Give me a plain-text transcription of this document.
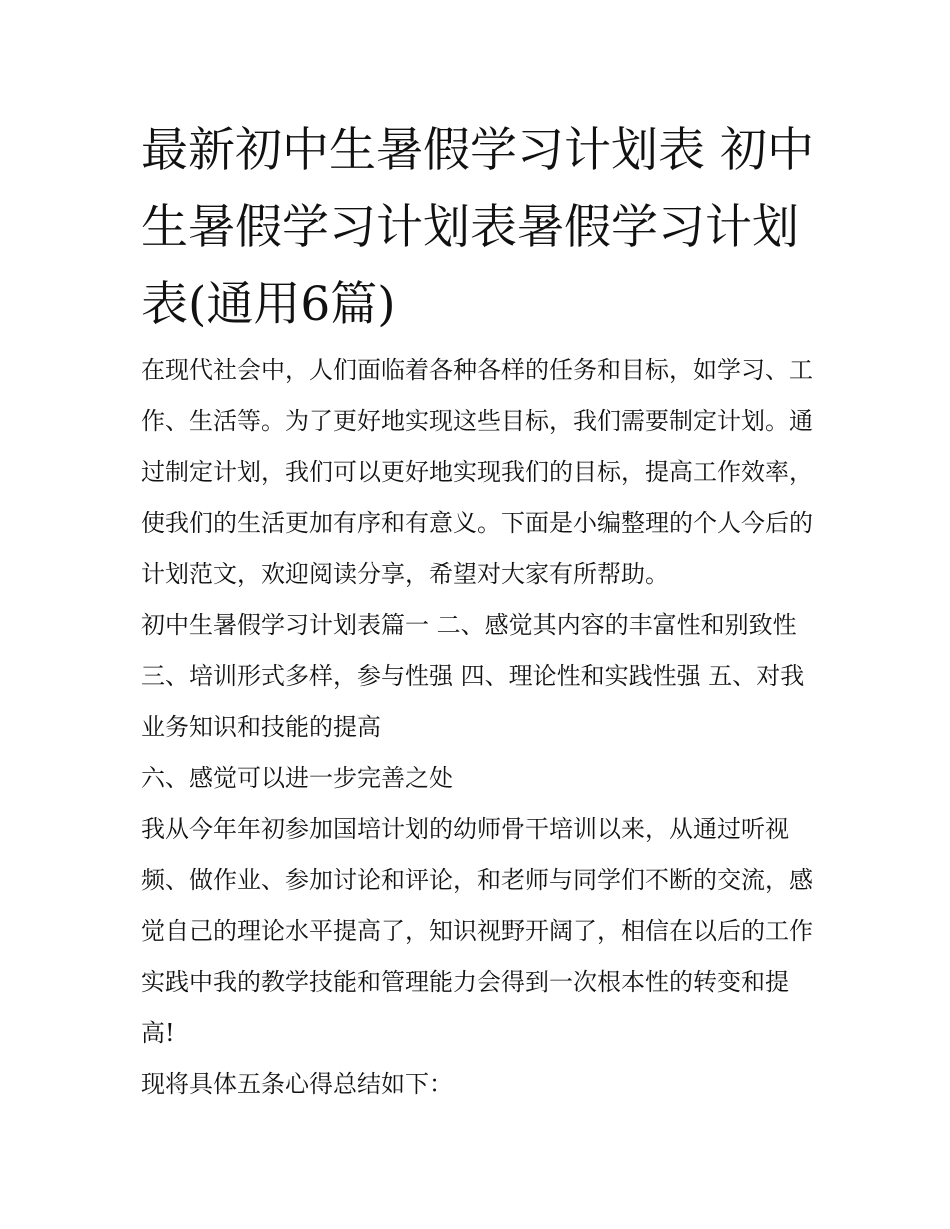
最新初中生暑假学习计划表 初中生暑假学习计划表暑假学习计划表(通用6篇)

在现代社会中，人们面临着各种各样的任务和目标，如学习、工作、生活等。为了更好地实现这些目标，我们需要制定计划。通过制定计划，我们可以更好地实现我们的目标，提高工作效率，使我们的生活更加有序和有意义。下面是小编整理的个人今后的计划范文，欢迎阅读分享，希望对大家有所帮助。

初中生暑假学习计划表篇一 二、感觉其内容的丰富性和别致性 三、培训形式多样，参与性强 四、理论性和实践性强 五、对我业务知识和技能的提高

六、感觉可以进一步完善之处

我从今年年初参加国培计划的幼师骨干培训以来，从通过听视频、做作业、参加讨论和评论，和老师与同学们不断的交流，感觉自己的理论水平提高了，知识视野开阔了，相信在以后的工作实践中我的教学技能和管理能力会得到一次根本性的转变和提高!

现将具体五条心得总结如下：
